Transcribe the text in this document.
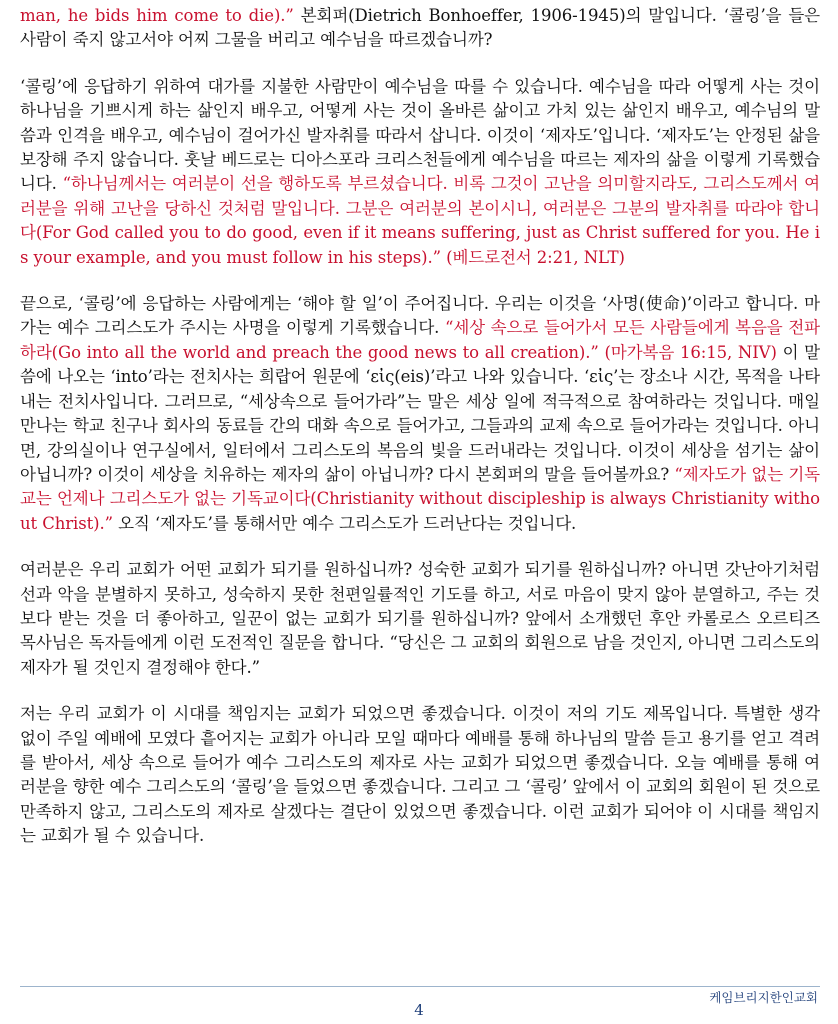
man, he bids him come to die).” 본회퍼(Dietrich Bonhoeffer, 1906-1945)의 말입니다. ‘콜링’을 들은 사람이 죽지 않고서야 어찌 그물을 버리고 예수님을 따르겠습니까?

‘콜링’에 응답하기 위하여 대가를 지불한 사람만이 예수님을 따를 수 있습니다. 예수님을 따라 어떻게 사는 것이 하나님을 기쁘시게 하는 삶인지 배우고, 어떻게 사는 것이 올바른 삶이고 가치 있는 삶인지 배우고, 예수님의 말씀과 인격을 배우고, 예수님이 걸어가신 발자취를 따라서 삽니다. 이것이 ‘제자도’입니다. ‘제자도’는 안정된 삶을 보장해 주지 않습니다. 훗날 베드로는 디아스포라 크리스천들에게 예수님을 따르는 제자의 삶을 이렇게 기록했습니다. “하나님께서는 여러분이 선을 행하도록 부르셨습니다. 비록 그것이 고난을 의미할지라도, 그리스도께서 여러분을 위해 고난을 당하신 것처럼 말입니다. 그분은 여러분의 본이시니, 여러분은 그분의 발자취를 따라야 합니다(For God called you to do good, even if it means suffering, just as Christ suffered for you. He is your example, and you must follow in his steps).” (베드로전서 2:21, NLT)

끝으로, ‘콜링’에 응답하는 사람에게는 ‘해야 할 일’이 주어집니다. 우리는 이것을 ‘사명(使命)’이라고 합니다. 마가는 예수 그리스도가 주시는 사명을 이렇게 기록했습니다. “세상 속으로 들어가서 모든 사람들에게 복음을 전파하라(Go into all the world and preach the good news to all creation).” (마가복음 16:15, NIV) 이 말씀에 나오는 ‘into’라는 전치사는 희랍어 원문에 ‘εἰς(eis)’라고 나와 있습니다. ‘εἰς’는 장소나 시간, 목적을 나타내는 전치사입니다. 그러므로, “세상속으로 들어가라”는 말은 세상 일에 적극적으로 참여하라는 것입니다. 매일 만나는 학교 친구나 회사의 동료들 간의 대화 속으로 들어가고, 그들과의 교제 속으로 들어가라는 것입니다. 아니면, 강의실이나 연구실에서, 일터에서 그리스도의 복음의 빛을 드러내라는 것입니다. 이것이 세상을 섬기는 삶이 아닙니까? 이것이 세상을 치유하는 제자의 삶이 아닙니까? 다시 본회퍼의 말을 들어볼까요? “제자도가 없는 기독교는 언제나 그리스도가 없는 기독교이다(Christianity without discipleship is always Christianity without Christ).” 오직 ‘제자도’를 통해서만 예수 그리스도가 드러난다는 것입니다.

여러분은 우리 교회가 어떤 교회가 되기를 원하십니까? 성숙한 교회가 되기를 원하십니까? 아니면 갓난아기처럼 선과 악을 분별하지 못하고, 성숙하지 못한 천편일률적인 기도를 하고, 서로 마음이 맞지 않아 분열하고, 주는 것보다 받는 것을 더 좋아하고, 일꾼이 없는 교회가 되기를 원하십니까? 앞에서 소개했던 후안 카롤로스 오르티즈 목사님은 독자들에게 이런 도전적인 질문을 합니다. “당신은 그 교회의 회원으로 남을 것인지, 아니면 그리스도의 제자가 될 것인지 결정해야 한다.”

저는 우리 교회가 이 시대를 책임지는 교회가 되었으면 좋겠습니다. 이것이 저의 기도 제목입니다. 특별한 생각 없이 주일 예배에 모였다 흩어지는 교회가 아니라 모일 때마다 예배를 통해 하나님의 말씀 듣고 용기를 얻고 격려를 받아서, 세상 속으로 들어가 예수 그리스도의 제자로 사는 교회가 되었으면 좋겠습니다. 오늘 예배를 통해 여러분을 향한 예수 그리스도의 ‘콜링’을 들었으면 좋겠습니다. 그리고 그 ‘콜링’ 앞에서 이 교회의 회원이 된 것으로 만족하지 않고, 그리스도의 제자로 살겠다는 결단이 있었으면 좋겠습니다. 이런 교회가 되어야 이 시대를 책임지는 교회가 될 수 있습니다.

케임브리지한인교회
4
